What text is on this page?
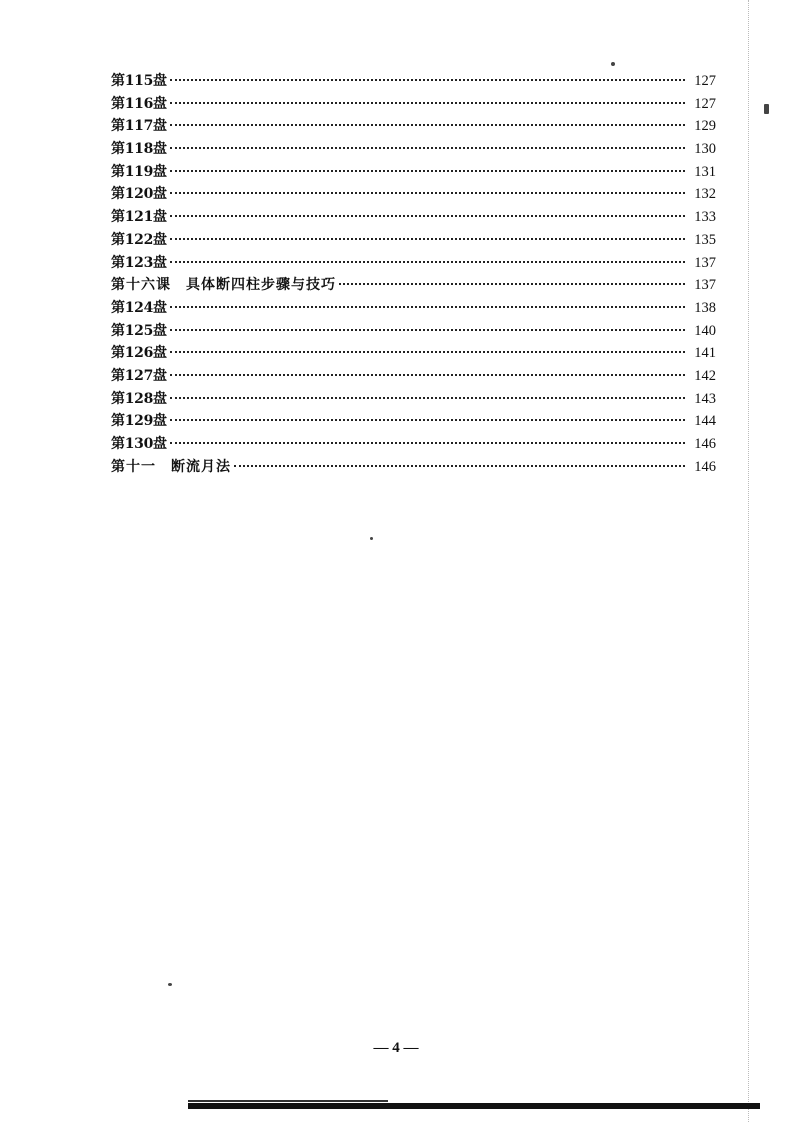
第115盘	127
第116盘	127
第117盘	129
第118盘	130
第119盘	131
第120盘	132
第121盘	133
第122盘	135
第123盘	137
第十六课　具体断四柱步骤与技巧	137
第124盘	138
第125盘	140
第126盘	141
第127盘	142
第128盘	143
第129盘	144
第130盘	146
第十一　断流月法	146
— 4 —
